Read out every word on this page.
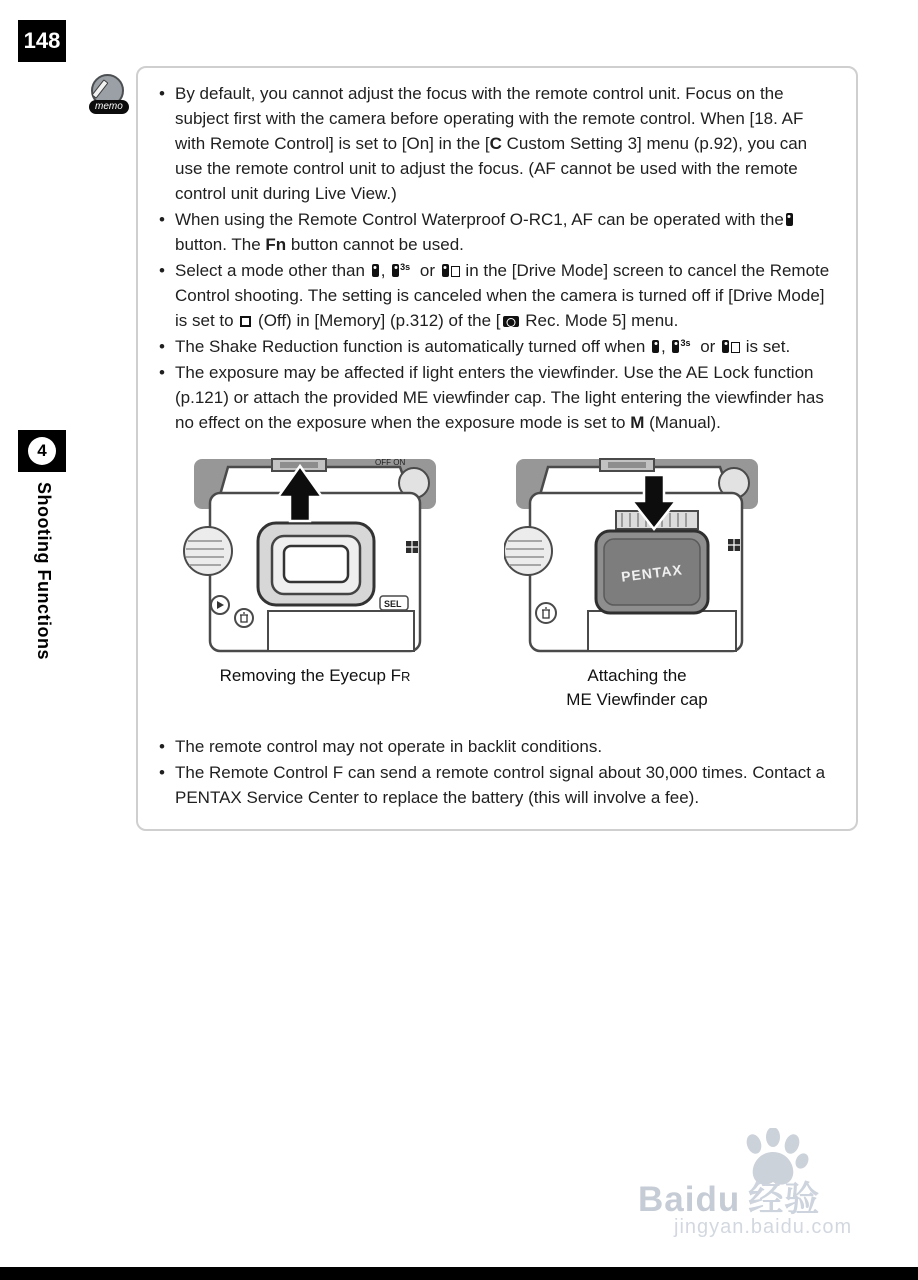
148
4
Shooting Functions
memo
• By default, you cannot adjust the focus with the remote control unit. Focus on the subject first with the camera before operating with the remote control. When [18. AF with Remote Control] is set to [On] in the [C Custom Setting 3] menu (p.92), you can use the remote control unit to adjust the focus. (AF cannot be used with the remote control unit during Live View.)
• When using the Remote Control Waterproof O-RC1, AF can be operated with the button. The Fn button cannot be used.
• Select a mode other than , 3s or  in the [Drive Mode] screen to cancel the Remote Control shooting. The setting is canceled when the camera is turned off if [Drive Mode] is set to  (Off) in [Memory] (p.312) of the [ Rec. Mode 5] menu.
• The Shake Reduction function is automatically turned off when , 3s or  is set.
• The exposure may be affected if light enters the viewfinder. Use the AE Lock function (p.121) or attach the provided ME viewfinder cap. The light entering the viewfinder has no effect on the exposure when the exposure mode is set to M (Manual).
OFF ON
SEL
Removing the Eyecup FR
PENTAX
Attaching the
ME Viewfinder cap
• The remote control may not operate in backlit conditions.
• The Remote Control F can send a remote control signal about 30,000 times. Contact a PENTAX Service Center to replace the battery (this will involve a fee).
Baidu 经验
jingyan.baidu.com
